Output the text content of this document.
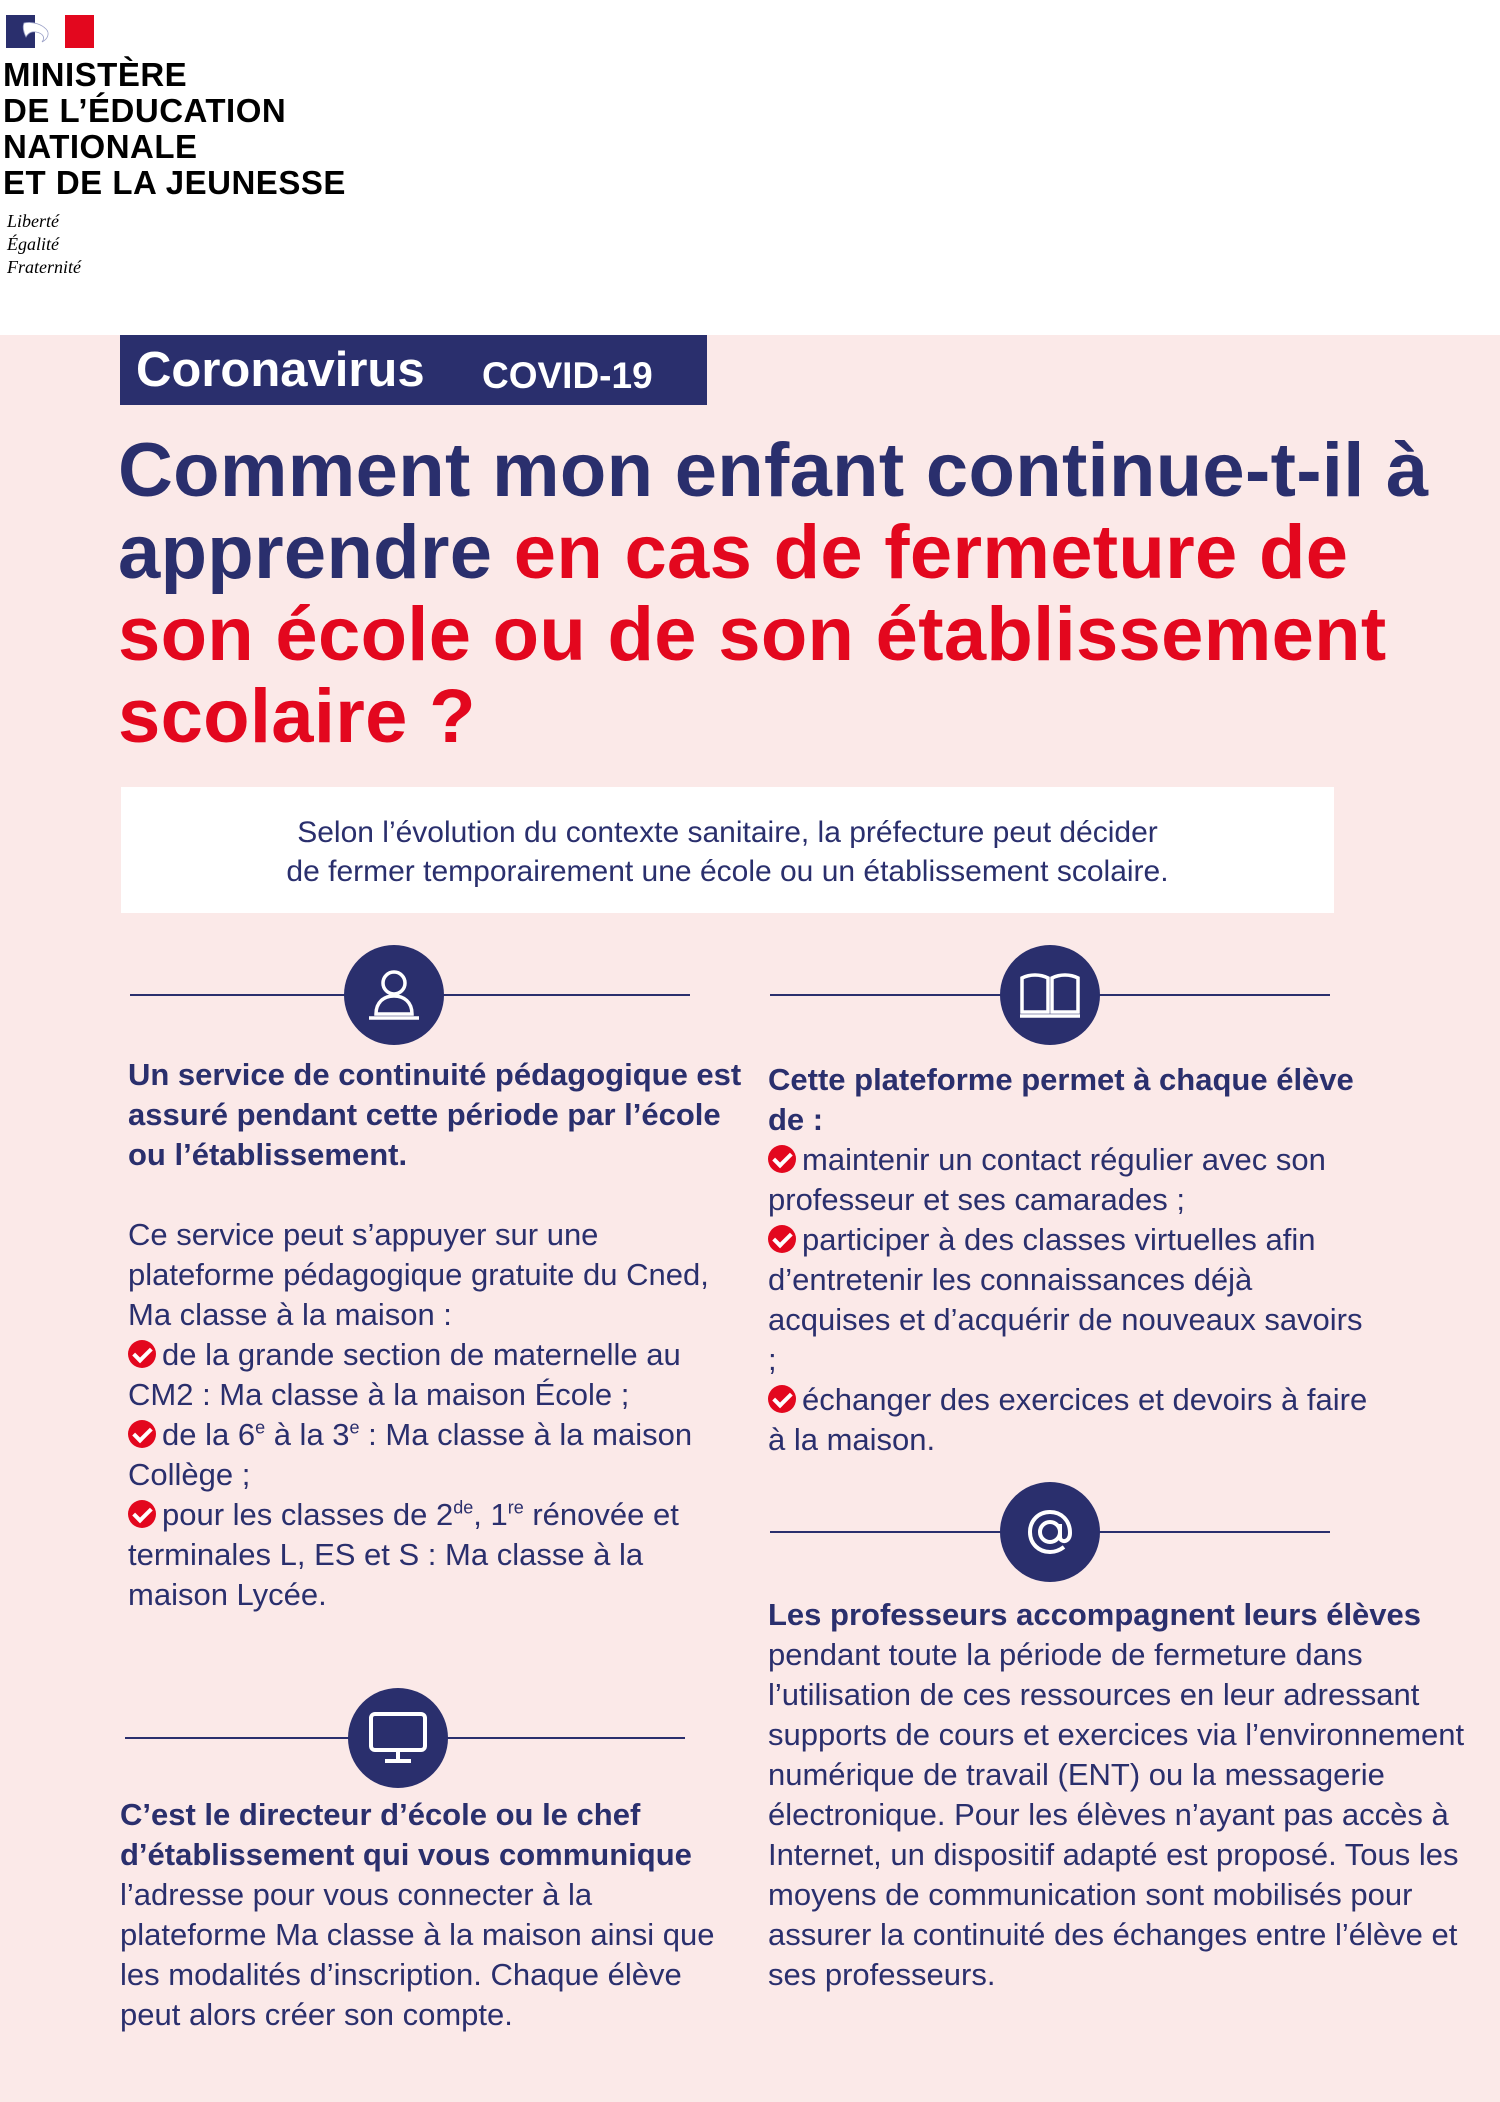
MINISTÈRE
DE L’ÉDUCATION
NATIONALE
ET DE LA JEUNESSE
Liberté
Égalité
Fraternité
Coronavirus COVID-19
Comment mon enfant continue-t-il à apprendre en cas de fermeture de son école ou de son établissement scolaire ?
Selon l’évolution du contexte sanitaire, la préfecture peut décider
de fermer temporairement une école ou un établissement scolaire.

Un service de continuité pédagogique est assuré pendant cette période par l’école ou l’établissement.

Ce service peut s’appuyer sur une plateforme pédagogique gratuite du Cned, Ma classe à la maison :

de la grande section de maternelle au CM2 : Ma classe à la maison École ;

de la 6e à la 3e : Ma classe à la maison Collège ;

pour les classes de 2de, 1re rénovée et terminales L, ES et S : Ma classe à la maison Lycée.

Cette plateforme permet à chaque élève de :

maintenir un contact régulier avec son professeur et ses camarades ;

participer à des classes virtuelles afin d’entretenir les connaissances déjà acquises et d’acquérir de nouveaux savoirs ;

échanger des exercices et devoirs à faire à la maison.

Les professeurs accompagnent leurs élèves pendant toute la période de fermeture dans l’utilisation de ces ressources en leur adressant supports de cours et exercices via l’environnement numérique de travail (ENT) ou la messagerie électronique. Pour les élèves n’ayant pas accès à Internet, un dispositif adapté est proposé. Tous les moyens de communication sont mobilisés pour assurer la continuité des échanges entre l’élève et ses professeurs.

C’est le directeur d’école ou le chef d’établissement qui vous communique

l’adresse pour vous connecter à la plateforme Ma classe à la maison ainsi que les modalités d’inscription. Chaque élève peut alors créer son compte.
